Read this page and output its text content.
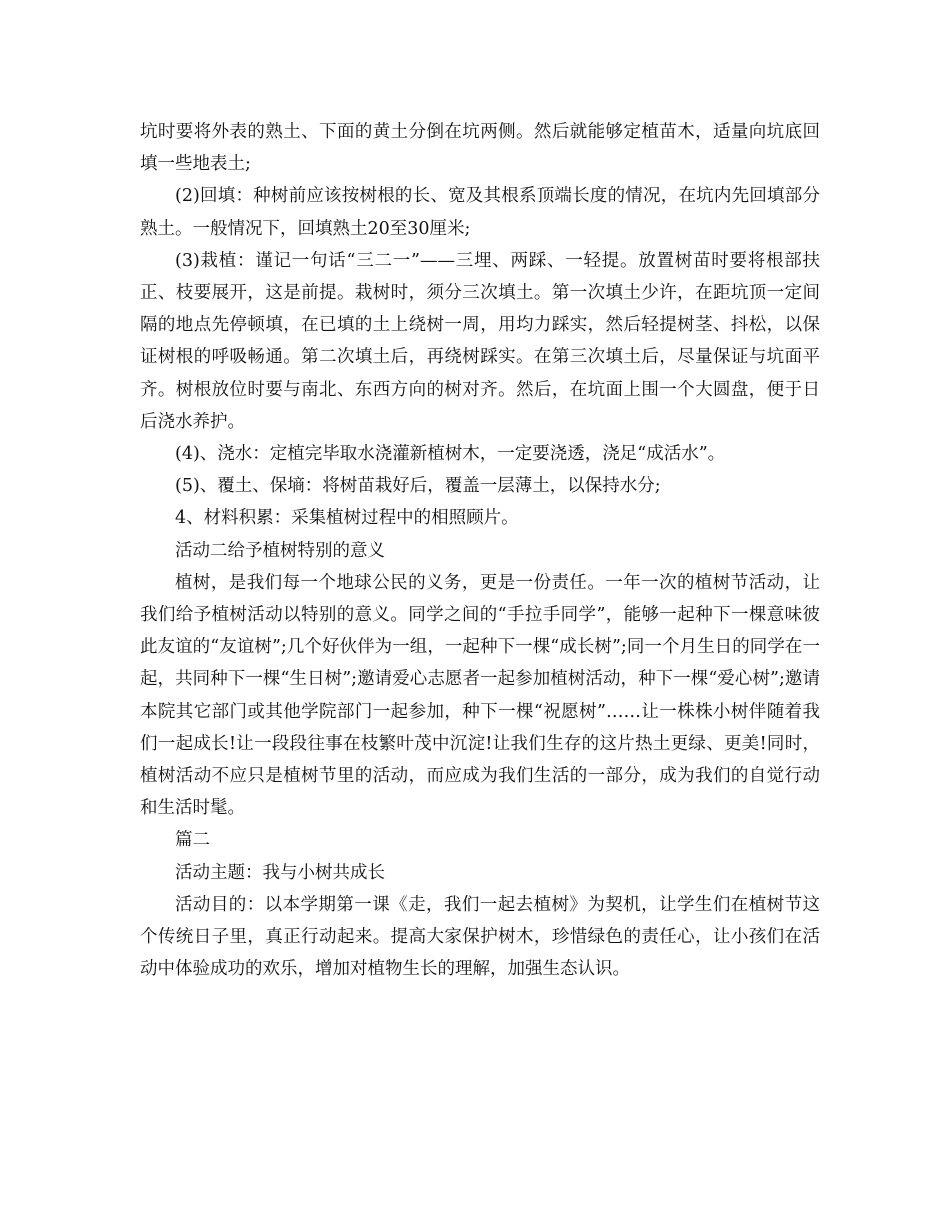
坑时要将外表的熟土、下面的黄土分倒在坑两侧。然后就能够定植苗木，适量向坑底回填一些地表土;

(2)回填：种树前应该按树根的长、宽及其根系顶端长度的情况，在坑内先回填部分熟土。一般情况下，回填熟土20至30厘米;

(3)栽植：谨记一句话“三二一”——三埋、两踩、一轻提。放置树苗时要将根部扶正、枝要展开，这是前提。栽树时，须分三次填土。第一次填土少许，在距坑顶一定间隔的地点先停顿填，在已填的土上绕树一周，用均力踩实，然后轻提树茎、抖松，以保证树根的呼吸畅通。第二次填土后，再绕树踩实。在第三次填土后，尽量保证与坑面平齐。树根放位时要与南北、东西方向的树对齐。然后，在坑面上围一个大圆盘，便于日后浇水养护。

(4)、浇水：定植完毕取水浇灌新植树木，一定要浇透，浇足“成活水”。

(5)、覆土、保墒：将树苗栽好后，覆盖一层薄土，以保持水分;

4、材料积累：采集植树过程中的相照顾片。

活动二给予植树特别的意义

植树，是我们每一个地球公民的义务，更是一份责任。一年一次的植树节活动，让我们给予植树活动以特别的意义。同学之间的“手拉手同学”，能够一起种下一棵意味彼此友谊的“友谊树”;几个好伙伴为一组，一起种下一棵“成长树”;同一个月生日的同学在一起，共同种下一棵“生日树”;邀请爱心志愿者一起参加植树活动，种下一棵“爱心树”;邀请本院其它部门或其他学院部门一起参加，种下一棵“祝愿树”……让一株株小树伴随着我们一起成长!让一段段往事在枝繁叶茂中沉淀!让我们生存的这片热土更绿、更美!同时，植树活动不应只是植树节里的活动，而应成为我们生活的一部分，成为我们的自觉行动和生活时髦。

篇二

活动主题：我与小树共成长

活动目的：以本学期第一课《走，我们一起去植树》为契机，让学生们在植树节这个传统日子里，真正行动起来。提高大家保护树木，珍惜绿色的责任心，让小孩们在活动中体验成功的欢乐，增加对植物生长的理解，加强生态认识。
